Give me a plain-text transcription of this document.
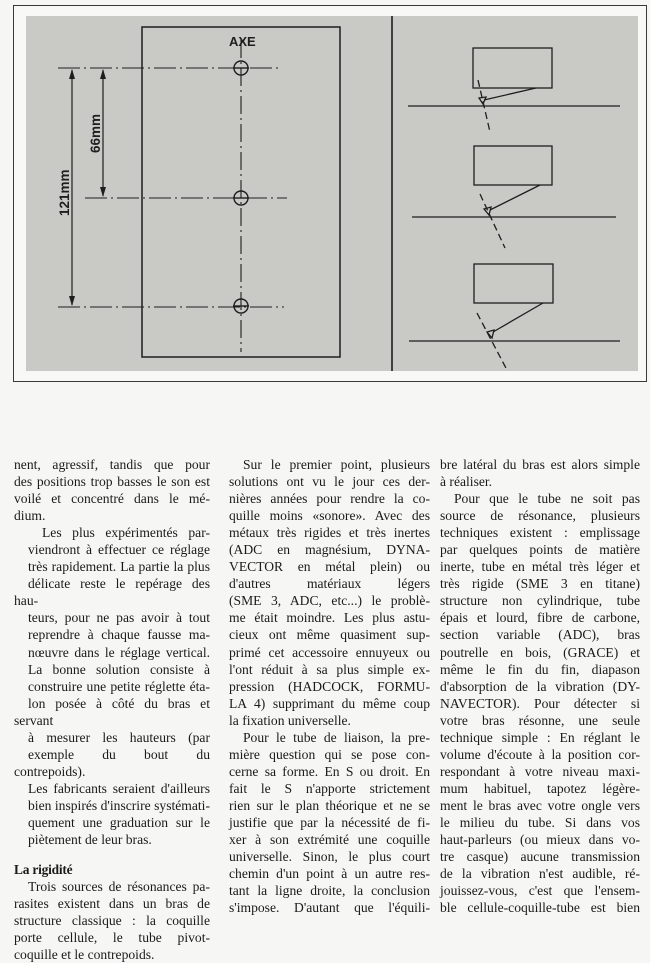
AXE
66mm
121mm

nent, agressif, tandis que pour
des positions trop basses le son est
voilé et concentré dans le mé-
dium.

Les plus expérimentés par-
viendront à effectuer ce réglage
très rapidement. La partie la plus
délicate reste le repérage des hau-
teurs, pour ne pas avoir à tout
reprendre à chaque fausse ma-
nœuvre dans le réglage vertical.
La bonne solution consiste à
construire une petite réglette éta-
lon posée à côté du bras et servant
à mesurer les hauteurs (par
exemple du bout du contrepoids).
Les fabricants seraient d'ailleurs
bien inspirés d'inscrire systémati-
quement une graduation sur le
piètement de leur bras.

La rigidité

Trois sources de résonances pa-
rasites existent dans un bras de
structure classique : la coquille
porte cellule, le tube pivot-
coquille et le contrepoids.

Sur le premier point, plusieurs
solutions ont vu le jour ces der-
nières années pour rendre la co-
quille moins «sonore». Avec des
métaux très rigides et très inertes
(ADC en magnésium, DYNA-
VECTOR en métal plein) ou
d'autres matériaux légers
(SME 3, ADC, etc...) le problè-
me était moindre. Les plus astu-
cieux ont même quasiment sup-
primé cet accessoire ennuyeux ou
l'ont réduit à sa plus simple ex-
pression (HADCOCK, FORMU-
LA 4) supprimant du même coup
la fixation universelle.

Pour le tube de liaison, la pre-
mière question qui se pose con-
cerne sa forme. En S ou droit. En
fait le S n'apporte strictement
rien sur le plan théorique et ne se
justifie que par la nécessité de fi-
xer à son extrémité une coquille
universelle. Sinon, le plus court
chemin d'un point à un autre res-
tant la ligne droite, la conclusion
s'impose. D'autant que l'équili-

bre latéral du bras est alors simple
à réaliser.

Pour que le tube ne soit pas
source de résonance, plusieurs
techniques existent : emplissage
par quelques points de matière
inerte, tube en métal très léger et
très rigide (SME 3 en titane)
structure non cylindrique, tube
épais et lourd, fibre de carbone,
section variable (ADC), bras
poutrelle en bois, (GRACE) et
même le fin du fin, diapason
d'absorption de la vibration (DY-
NAVECTOR). Pour détecter si
votre bras résonne, une seule
technique simple : En réglant le
volume d'écoute à la position cor-
respondant à votre niveau maxi-
mum habituel, tapotez légère-
ment le bras avec votre ongle vers
le milieu du tube. Si dans vos
haut-parleurs (ou mieux dans vo-
tre casque) aucune transmission
de la vibration n'est audible, ré-
jouissez-vous, c'est que l'ensem-
ble cellule-coquille-tube est bien
